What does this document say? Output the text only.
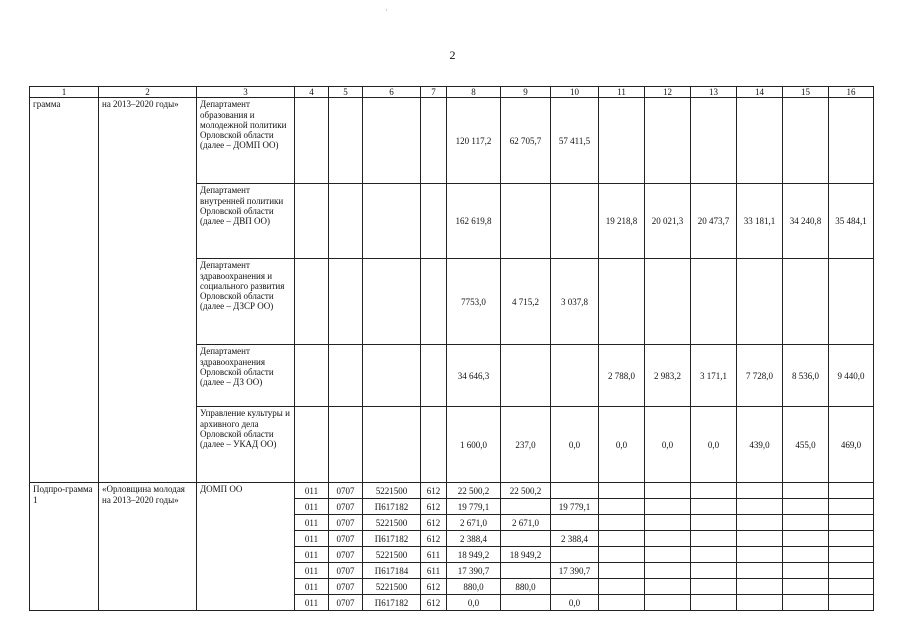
·
2
1	2	3	4	5	6	7	8	9	10	11	12	13	14	15	16
грамма	на 2013–2020 годы»	Департамент образования и молодежной политики Орловской области (далее – ДОМП ОО)					120 117,2	62 705,7	57 411,5						
		Департамент внутренней политики Орловской области (далее – ДВП ОО)					162 619,8			19 218,8	20 021,3	20 473,7	33 181,1	34 240,8	35 484,1
		Департамент здравоохранения и социального развития Орловской области (далее – ДЗСР ОО)					7753,0	4 715,2	3 037,8						
		Департамент здравоохранения Орловской области (далее – ДЗ ОО)					34 646,3			2 788,0	2 983,2	3 171,1	7 728,0	8 536,0	9 440,0
		Управление культуры и архивного дела Орловской области (далее – УКАД ОО)					1 600,0	237,0	0,0	0,0	0,0	0,0	439,0	455,0	469,0
Подпро-грамма 1	«Орловщина молодая на 2013–2020 годы»	ДОМП ОО	011	0707	5221500	612	22 500,2	22 500,2							
			011	0707	П617182	612	19 779,1		19 779,1						
			011	0707	5221500	612	2 671,0	2 671,0							
			011	0707	П617182	612	2 388,4		2 388,4						
			011	0707	5221500	611	18 949,2	18 949,2							
			011	0707	П617184	611	17 390,7		17 390,7						
			011	0707	5221500	612	880,0	880,0							
			011	0707	П617182	612	0,0		0,0						
